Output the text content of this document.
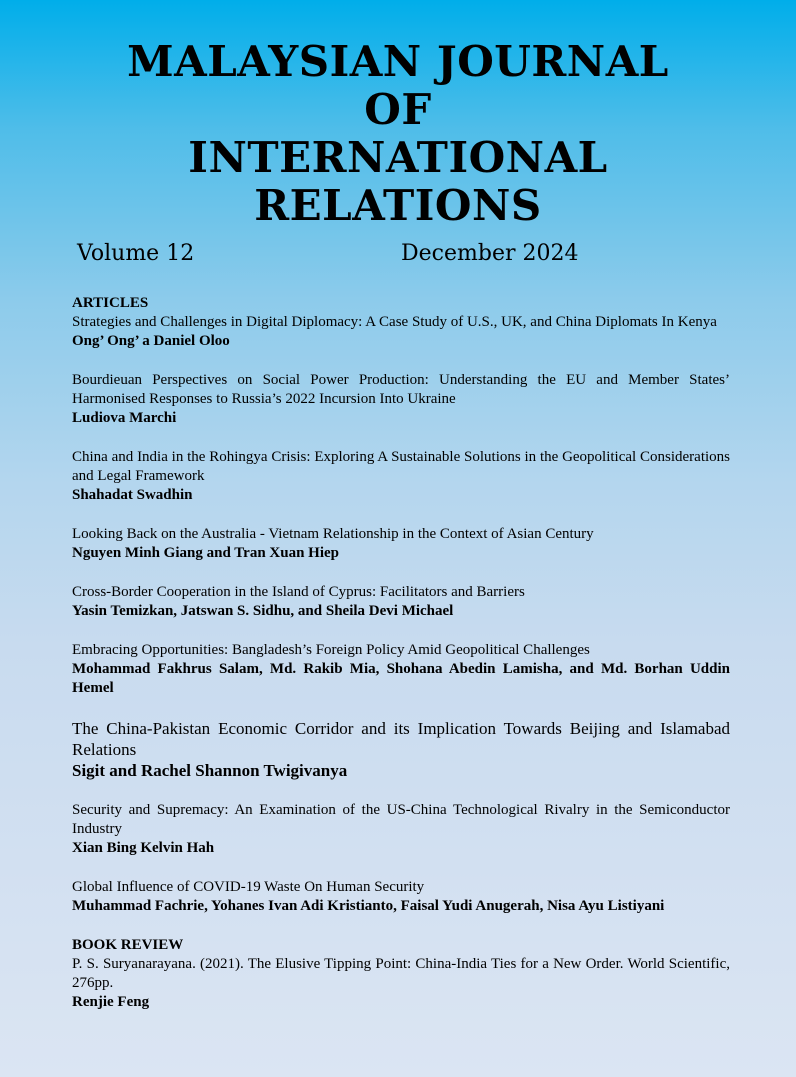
MALAYSIAN JOURNAL
OF
INTERNATIONAL
RELATIONS
Volume 12	December 2024
ARTICLES
Strategies and Challenges in Digital Diplomacy: A Case Study of U.S., UK, and China Diplomats In Kenya
Ong’ Ong’ a Daniel Oloo
Bourdieuan Perspectives on Social Power Production: Understanding the EU and Member States’ Harmonised Responses to Russia’s 2022 Incursion Into Ukraine
Ludiova Marchi
China and India in the Rohingya Crisis: Exploring A Sustainable Solutions in the Geopolitical Considerations and Legal Framework
Shahadat Swadhin
Looking Back on the Australia - Vietnam Relationship in the Context of Asian Century
Nguyen Minh Giang and Tran Xuan Hiep
Cross-Border Cooperation in the Island of Cyprus: Facilitators and Barriers
Yasin Temizkan, Jatswan S. Sidhu, and Sheila Devi Michael
Embracing Opportunities: Bangladesh’s Foreign Policy Amid Geopolitical Challenges
Mohammad Fakhrus Salam, Md. Rakib Mia, Shohana Abedin Lamisha, and Md. Borhan Uddin Hemel
The China-Pakistan Economic Corridor and its Implication Towards Beijing and Islamabad Relations
Sigit and Rachel Shannon Twigivanya
Security and Supremacy: An Examination of the US-China Technological Rivalry in the Semiconductor Industry
Xian Bing Kelvin Hah
Global Influence of COVID-19 Waste On Human Security
Muhammad Fachrie, Yohanes Ivan Adi Kristianto, Faisal Yudi Anugerah, Nisa Ayu Listiyani
BOOK REVIEW
P. S. Suryanarayana. (2021). The Elusive Tipping Point: China-India Ties for a New Order. World Scientific, 276pp.
Renjie Feng
